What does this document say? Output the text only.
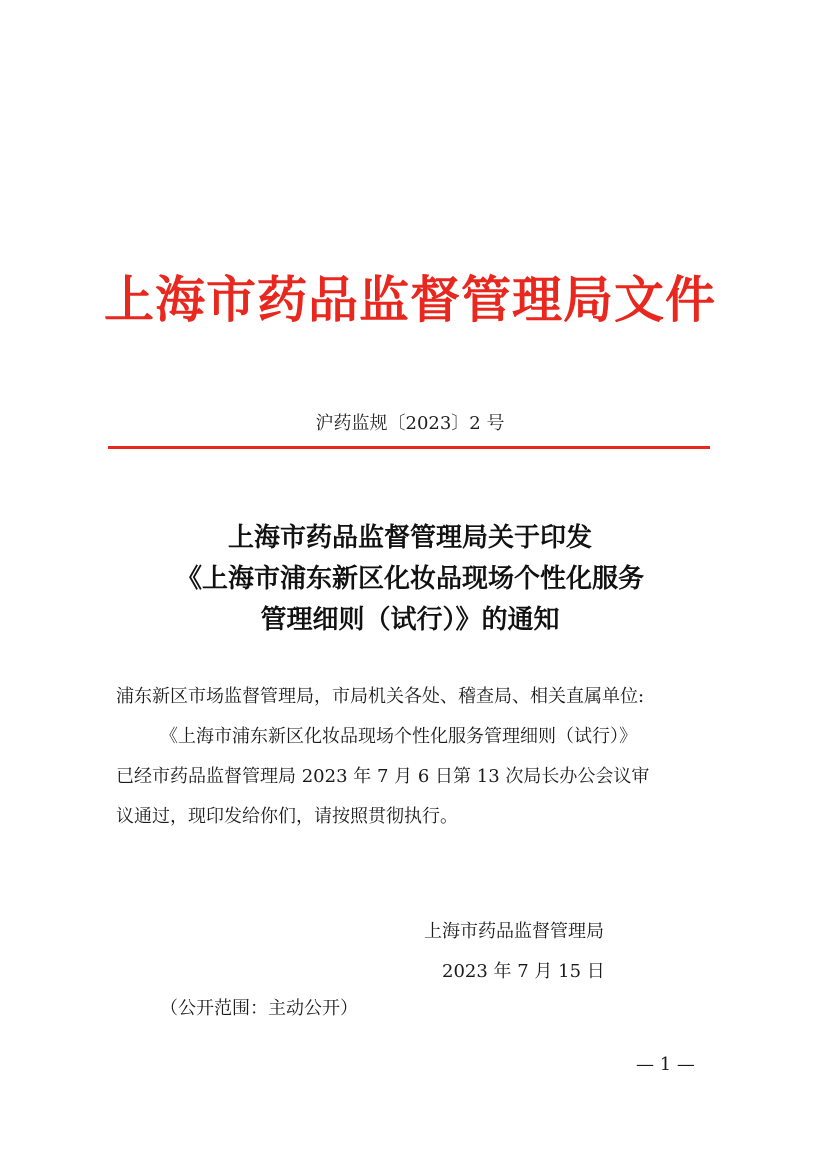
上海市药品监督管理局文件
沪药监规〔2023〕2 号
上海市药品监督管理局关于印发
《上海市浦东新区化妆品现场个性化服务
管理细则（试行）》的通知
浦东新区市场监督管理局，市局机关各处、稽查局、相关直属单位:
《上海市浦东新区化妆品现场个性化服务管理细则（试行）》
已经市药品监督管理局 2023 年 7 月 6 日第 13 次局长办公会议审
议通过，现印发给你们，请按照贯彻执行。
上海市药品监督管理局
2023 年 7 月 15 日
（公开范围：主动公开）
— 1 —
